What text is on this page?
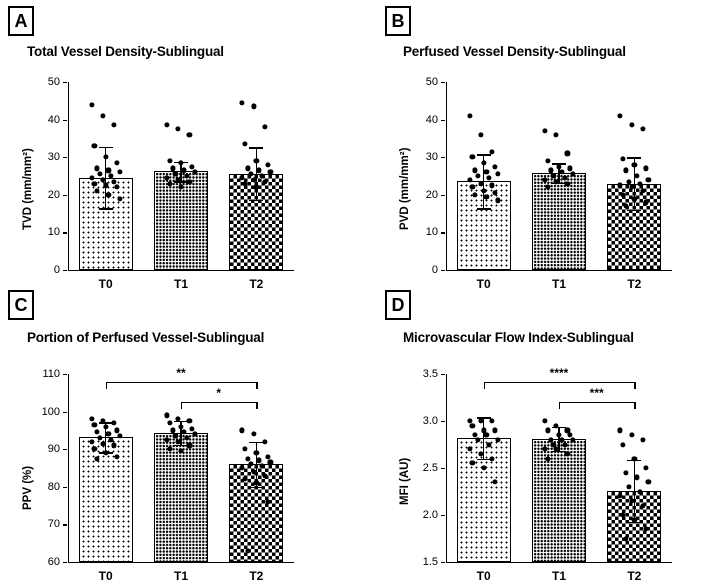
A
Total Vessel Density-Sublingual
TVD (mm/mm²)
0
10
20
30
40
50
T0	T1	T2
B
Perfused Vessel Density-Sublingual
PVD (mm/mm²)
0
10
20
30
40
50
T0	T1	T2
C
Portion of Perfused Vessel-Sublingual
PPV (%)
60
70
80
90
100
110
T0	T1	T2
**
*
D
Microvascular Flow Index-Sublingual
MFI (AU)
1.5
2.0
2.5
3.0
3.5
T0	T1	T2
****
***
